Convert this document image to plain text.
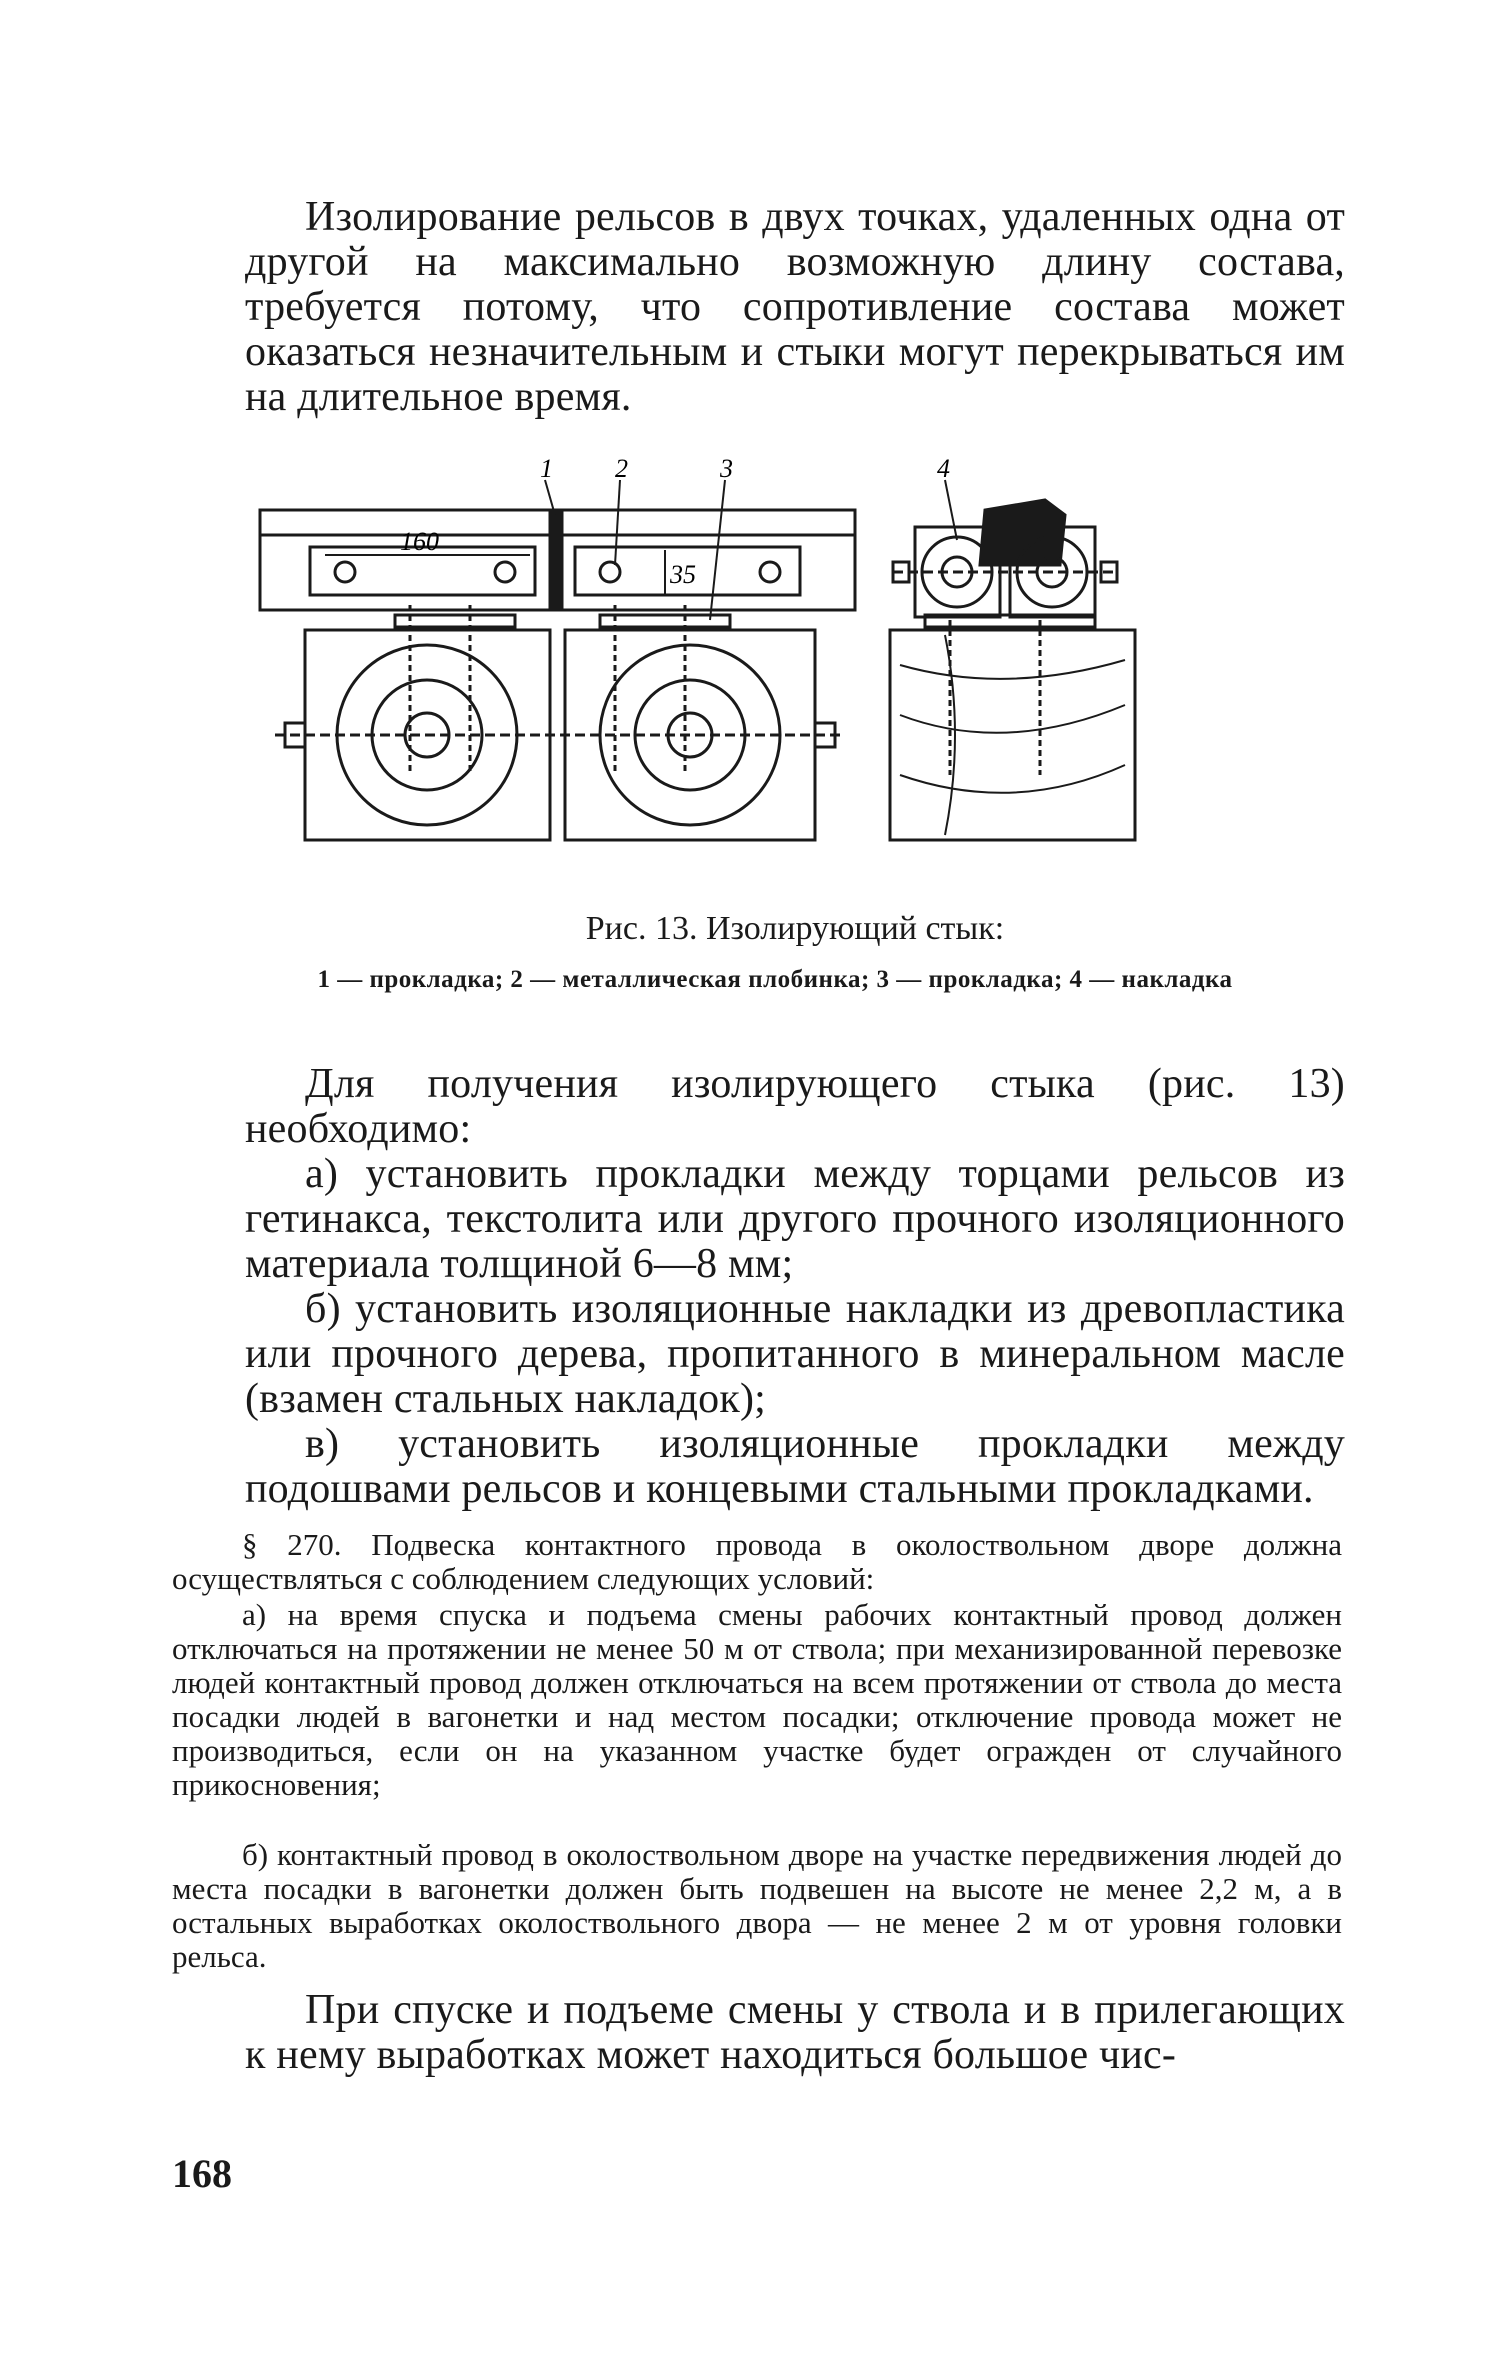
Изолирование рельсов в двух точках, удаленных одна от другой на максимально возможную длину состава, требуется потому, что сопротивление состава может оказаться незначительным и стыки могут перекрываться им на длительное время.

1 2	3	4
160
35

Рис. 13. Изолирующий стык:

1 — прокладка; 2 — металлическая плобинка; 3 — прокладка; 4 — накладка

Для получения изолирующего стыка (рис. 13) необходимо:

а) установить прокладки между торцами рельсов из гетинакса, текстолита или другого прочного изоляционного материала толщиной 6—8 мм;

б) установить изоляционные накладки из древопластика или прочного дерева, пропитанного в минеральном масле (взамен стальных накладок);

в) установить изоляционные прокладки между подошвами рельсов и концевыми стальными прокладками.

§ 270. Подвеска контактного провода в околоствольном дворе должна осуществляться с соблюдением следующих условий:

а) на время спуска и подъема смены рабочих контактный провод должен отключаться на протяжении не менее 50 м от ствола; при механизированной перевозке людей контактный провод должен отключаться на всем протяжении от ствола до места посадки людей в вагонетки и над местом посадки; отключение провода может не производиться, если он на указанном участке будет огражден от случайного прикосновения;

б) контактный провод в околоствольном дворе на участке передвижения людей до места посадки в вагонетки должен быть подвешен на высоте не менее 2,2 м, а в остальных выработках околоствольного двора — не менее 2 м от уровня головки рельса.

При спуске и подъеме смены у ствола и в прилегающих к нему выработках может находиться большое чис-

168
